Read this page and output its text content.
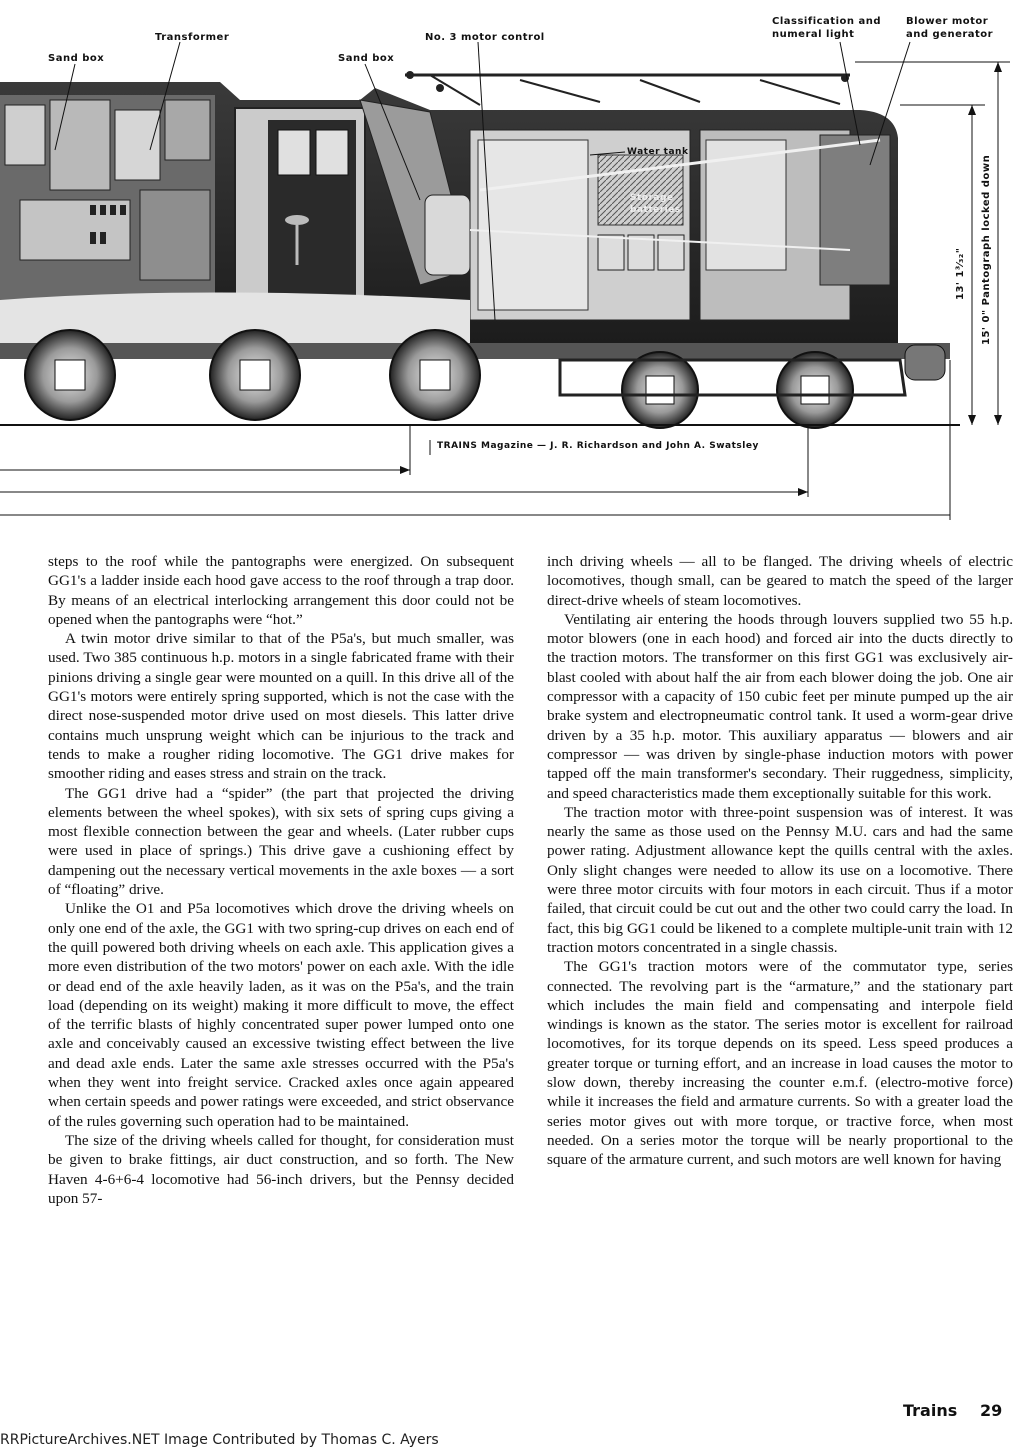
Sand box
Transformer
Sand box
No. 3 motor control
Classification and
numeral light
Blower motor
and generator
Water tank
Storage
batteries
13' 1³⁄₃₂" 15' 0" Pantograph locked down
TRAINS Magazine — J. R. Richardson and John A. Swatsley

steps to the roof while the pantographs were energized. On subsequent GG1's a ladder inside each hood gave access to the roof through a trap door. By means of an electrical interlocking arrangement this door could not be opened when the pantographs were “hot.”

A twin motor drive similar to that of the P5a's, but much smaller, was used. Two 385 continuous h.p. motors in a single fabricated frame with their pinions driving a single gear were mounted on a quill. In this drive all of the GG1's motors were entirely spring supported, which is not the case with the direct nose-suspended motor drive used on most diesels. This latter drive contains much unsprung weight which can be injurious to the track and tends to make a rougher riding locomotive. The GG1 drive makes for smoother riding and eases stress and strain on the track.

The GG1 drive had a “spider” (the part that projected the driving elements between the wheel spokes), with six sets of spring cups giving a most flexible connection between the gear and wheels. (Later rubber cups were used in place of springs.) This drive gave a cushioning effect by dampening out the necessary vertical movements in the axle boxes — a sort of “floating” drive.

Unlike the O1 and P5a locomotives which drove the driving wheels on only one end of the axle, the GG1 with two spring-cup drives on each end of the quill powered both driving wheels on each axle. This application gives a more even distribution of the two motors' power on each axle. With the idle or dead end of the axle heavily laden, as it was on the P5a's, and the train load (depending on its weight) making it more difficult to move, the effect of the terrific blasts of highly concentrated super power lumped onto one axle and conceivably caused an excessive twisting effect between the live and dead axle ends. Later the same axle stresses occurred with the P5a's when they went into freight service. Cracked axles once again appeared when certain speeds and power ratings were exceeded, and strict observance of the rules governing such operation had to be maintained.

The size of the driving wheels called for thought, for consideration must be given to brake fittings, air duct construction, and so forth. The New Haven 4-6+6-4 locomotive had 56-inch drivers, but the Pennsy decided upon 57-

inch driving wheels — all to be flanged. The driving wheels of electric locomotives, though small, can be geared to match the speed of the larger direct-drive wheels of steam locomotives.

Ventilating air entering the hoods through louvers supplied two 55 h.p. motor blowers (one in each hood) and forced air into the ducts directly to the traction motors. The transformer on this first GG1 was exclusively air-blast cooled with about half the air from each blower doing the job. One air compressor with a capacity of 150 cubic feet per minute pumped up the air brake system and electropneumatic control tank. It used a worm-gear drive driven by a 35 h.p. motor. This auxiliary apparatus — blowers and air compressor — was driven by single-phase induction motors with power tapped off the main transformer's secondary. Their ruggedness, simplicity, and speed characteristics made them exceptionally suitable for this work.

The traction motor with three-point suspension was of interest. It was nearly the same as those used on the Pennsy M.U. cars and had the same power rating. Adjustment allowance kept the quills central with the axles. Only slight changes were needed to allow its use on a locomotive. There were three motor circuits with four motors in each circuit. Thus if a motor failed, that circuit could be cut out and the other two could carry the load. In fact, this big GG1 could be likened to a complete multiple-unit train with 12 traction motors concentrated in a single chassis.

The GG1's traction motors were of the commutator type, series connected. The revolving part is the “armature,” and the stationary part which includes the main field and compensating and interpole field windings is known as the stator. The series motor is excellent for railroad locomotives, for its torque depends on its speed. Less speed produces a greater torque or turning effort, and an increase in load causes the motor to slow down, thereby increasing the counter e.m.f. (electro-motive force) while it increases the field and armature currents. So with a greater load the series motor gives out with more torque, or tractive force, when most needed. On a series motor the torque will be nearly proportional to the square of the armature current, and such motors are well known for having

Trains 29
RRPictureArchives.NET Image Contributed by Thomas C. Ayers
